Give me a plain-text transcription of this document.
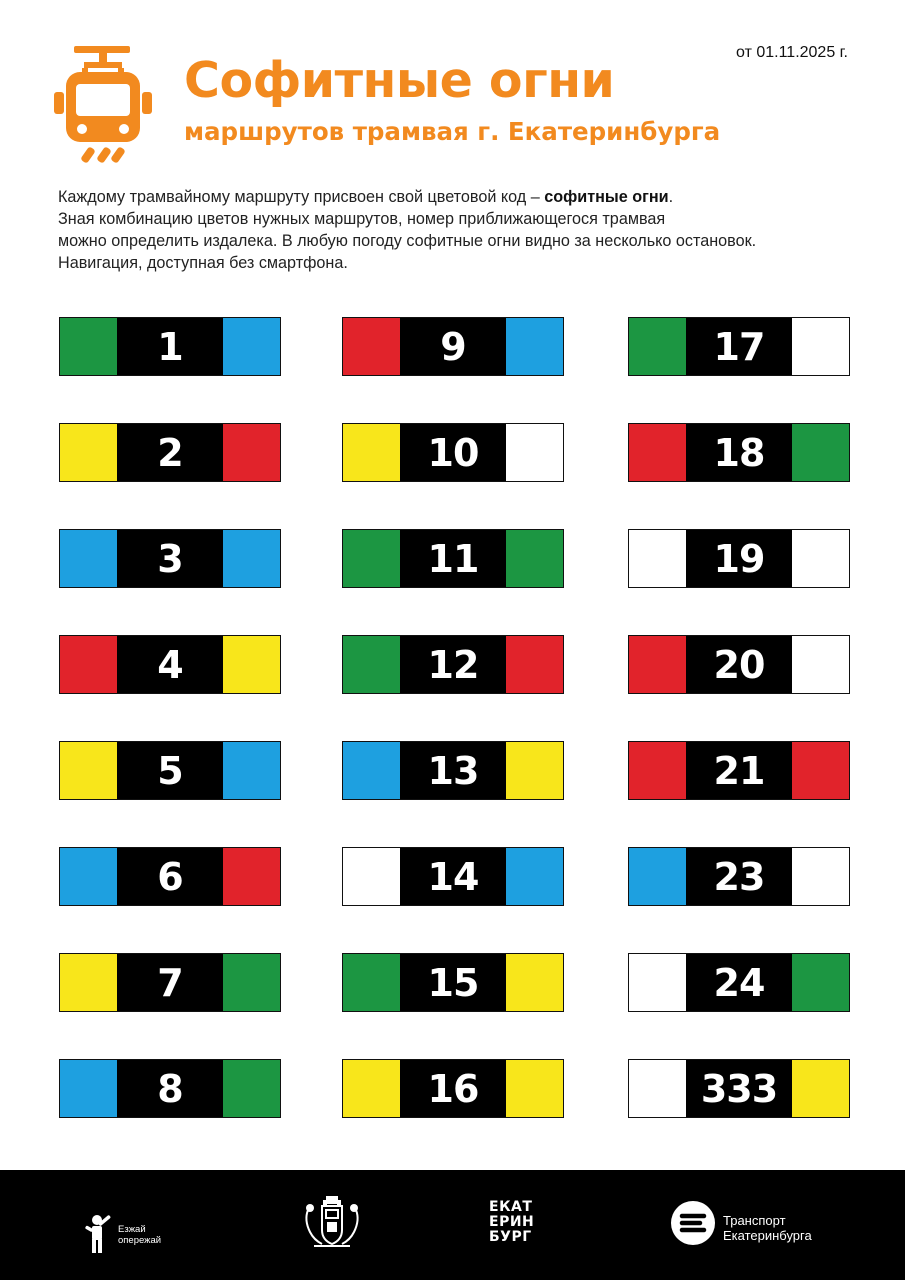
Софитные огни
маршрутов трамвая г. Екатеринбурга
от 01.11.2025 г.
Каждому трамвайному маршруту присвоен свой цветовой код – софитные огни.
Зная комбинацию цветов нужных маршрутов, номер приближающегося трамвая
можно определить издалека. В любую погоду софитные огни видно за несколько остановок.
Навигация, доступная без смартфона.
1
2
3
4
5
6
7
8
9
10
11
12
13
14
15
16
17
18
19
20
21
23
24
333
Езжай
опережай
ЕКАТ
ЕРИН
БУРГ
Транспорт
Екатеринбурга
